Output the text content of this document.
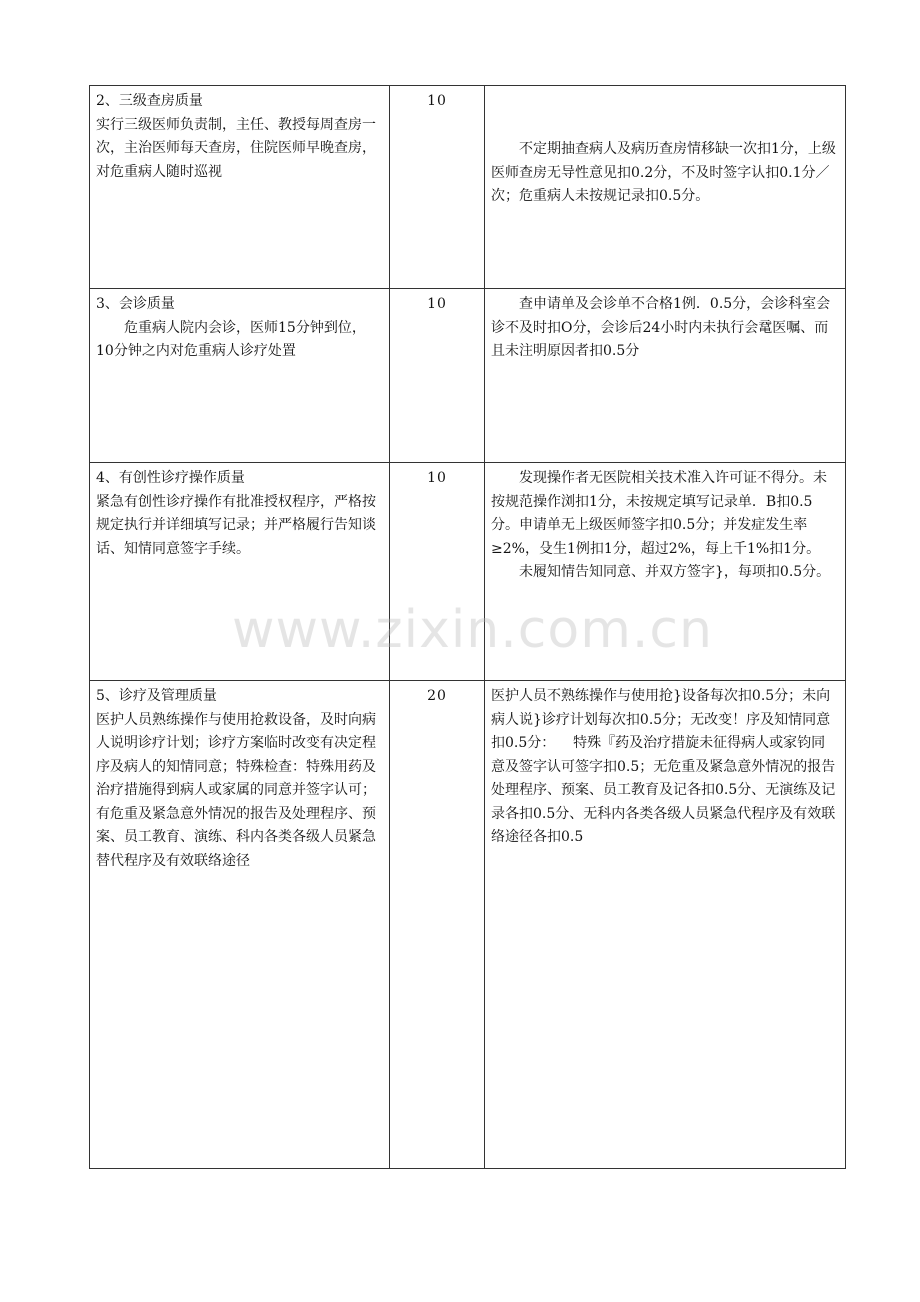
2、三级查房质量
实行三级医师负责制，主任、教授每周查房一次，主治医师每天查房，住院医师早晚查房，对危重病人随时巡视	10	不定期抽查病人及病历查房情移缺一次扣1分，上级医师查房无导性意见扣0.2分，不及时签字认扣0.1分／次；危重病人未按规记录扣0.5分。

3、会诊质量
危重病人院内会诊，医师15分钟到位，    10分钟之内对危重病人诊疗处置	10	查申请单及会诊单不合格1例．0.5分，会诊科室会诊不及时扣O分，会诊后24小时内未执行会鼋医嘱、而且未注明原因者扣0.5分

4、有创性诊疗操作质量
紧急有创性诊疗操作有批准授权程序，严格按规定执行并详细填写记录；并严格履行告知谈话、知情同意签字手续。	10	发现操作者无医院相关技术准入许可证不得分。未按规范操作浏扣1分，未按规定填写记录单．B扣0.5分。申请单无上级医师签字扣0.5分；并发症发生率≥2%，殳生1例扣1分，超过2%，每上千1%扣1分。
未履知情告知同意、并双方签字}，每项扣0.5分。

5、诊疗及管理质量
医护人员熟练操作与使用抢救设备，及时向病人说明诊疗计划；诊疗方案临时改变有决定程序及病人的知情同意；特殊检查：特殊用药及治疗措施得到病人或家属的同意并签字认可；有危重及紧急意外情况的报告及处理程序、预案、员工教育、演练、科内各类各级人员紧急替代程序及有效联络途径	20	医护人员不熟练操作与使用抢}设备每次扣0.5分；未向病人说}诊疗计划每次扣0.5分；无改变！序及知情同意扣0.5分：    特殊『药及治疗措旋未征得病人或家钧同意及签字认可签字扣0.5；无危重及紧急意外情况的报告处理程序、预案、员工教育及记各扣0.5分、无演练及记录各扣0.5分、无科内各类各级人员紧急代程序及有效联络途径各扣0.5
www.zixin.com.cn
